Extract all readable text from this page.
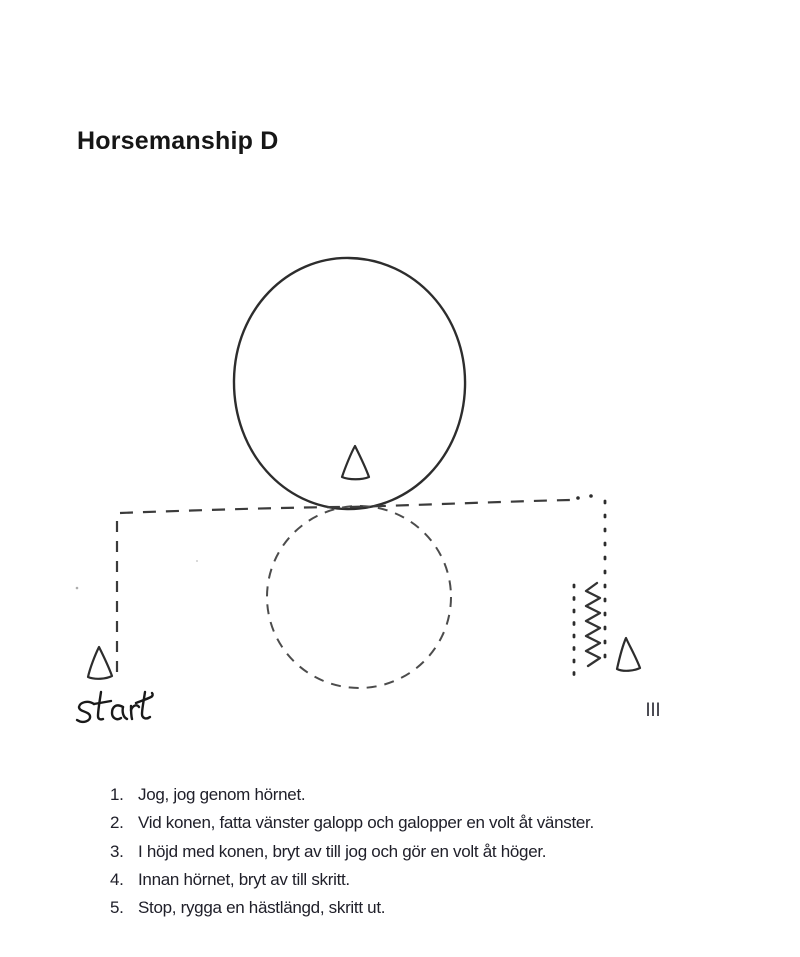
Horsemanship D
lll
1. Jog, jog genom hörnet.
2. Vid konen, fatta vänster galopp och galopper en volt åt vänster.
3. I höjd med konen, bryt av till jog och gör en volt åt höger.
4. Innan hörnet, bryt av till skritt.
5. Stop, rygga en hästlängd, skritt ut.
